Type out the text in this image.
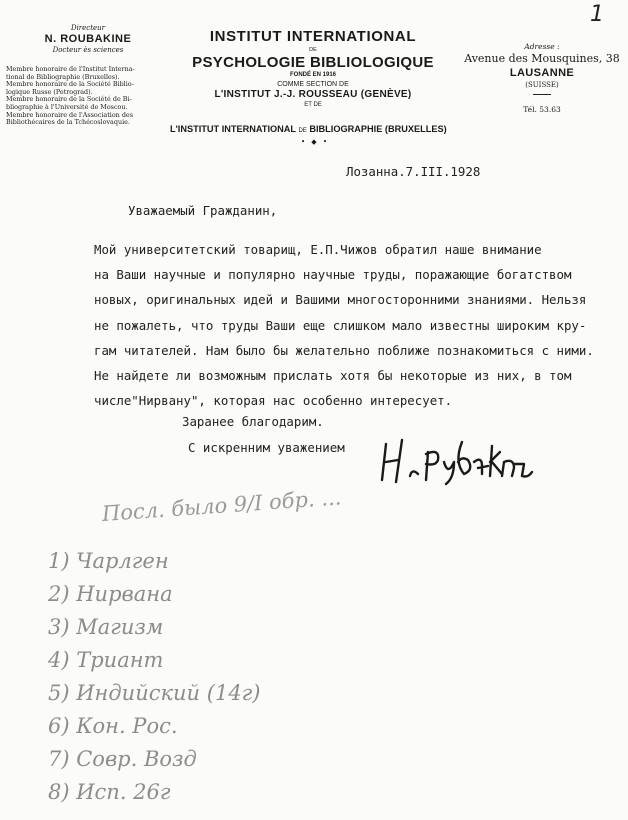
1
Directeur
N. ROUBAKINE
Docteur ès sciences
Membre honoraire de l'Institut Interna-
tional de Bibliographie (Bruxelles).
Membre honoraire de la Société Biblio-
logique Russe (Petrograd).
Membre honoraire de la Société de Bi-
bliographie à l'Université de Moscou.
Membre honoraire de l'Association des
Bibliothécaires de la Tchécoslovaquie.
INSTITUT INTERNATIONAL
DE
PSYCHOLOGIE BIBLIOLOGIQUE
FONDÉ EN 1916
COMME SECTION DE
L'INSTITUT J.-J. ROUSSEAU (GENÈVE)
ET DE
L'INSTITUT INTERNATIONAL DE BIBLIOGRAPHIE (BRUXELLES)
• ◆ •
Adresse :
Avenue des Mousquines, 38
LAUSANNE
(SUISSE)
Tél. 53.63
Лозанна.7.III.1928
Уважаемый Гражданин,
Мой университетский товарищ, Е.П.Чижов обратил наше внимание
на Ваши научные и популярно научные труды, поражающие богатством
новых, оригинальных идей и Вашими многосторонними знаниями. Нельзя
не пожалеть, что труды Ваши еще слишком мало известны широким кру-
гам читателей. Нам было бы желательно поближе познакомиться с ними.
Не найдете ли возможным прислать хотя бы некоторые из них, в том
числе"Нирвану", которая нас особенно интересует.
Заранее благодарим.
С искренним уважением
Посл. было 9/I обр. ...
1) Чарлген
2) Нирвана
3) Магизм
4) Триант
5) Индийский (14г)
6) Кон. Рос.
7) Совр. Возд
8) Исп. 26г
